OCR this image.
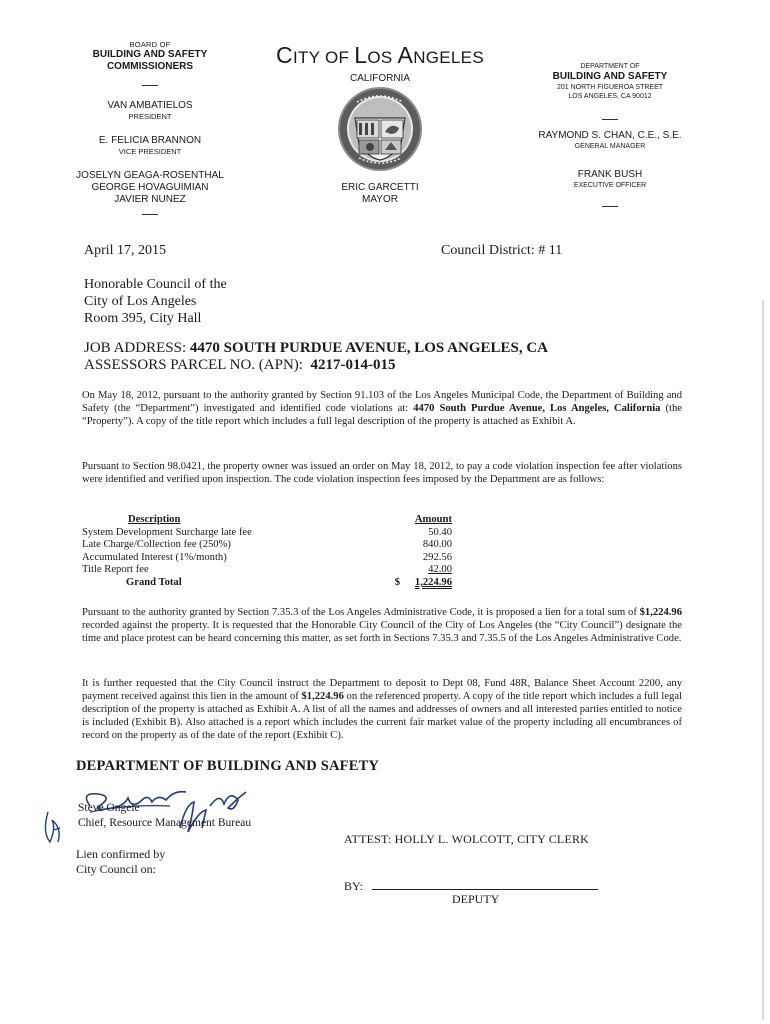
BOARD OF
BUILDING AND SAFETY
COMMISSIONERS
VAN AMBATIELOS
PRESIDENT
E. FELICIA BRANNON
VICE PRESIDENT
JOSELYN GEAGA-ROSENTHAL
GEORGE HOVAGUIMIAN
JAVIER NUNEZ
CITY OF LOS ANGELES
CALIFORNIA
ERIC GARCETTI
MAYOR
DEPARTMENT OF
BUILDING AND SAFETY
201 NORTH FIGUEROA STREET
LOS ANGELES, CA 90012
RAYMOND S. CHAN, C.E., S.E.
GENERAL MANAGER
FRANK BUSH
EXECUTIVE OFFICER
April 17, 2015	Council District: # 11
Honorable Council of the
City of Los Angeles
Room 395, City Hall
JOB ADDRESS: 4470 SOUTH PURDUE AVENUE, LOS ANGELES, CA
ASSESSORS PARCEL NO. (APN): 4217-014-015
On May 18, 2012, pursuant to the authority granted by Section 91.103 of the Los Angeles Municipal Code, the Department of Building and Safety (the “Department”) investigated and identified code violations at: 4470 South Purdue Avenue, Los Angeles, California (the “Property”). A copy of the title report which includes a full legal description of the property is attached as Exhibit A.
Pursuant to Section 98.0421, the property owner was issued an order on May 18, 2012, to pay a code violation inspection fee after violations were identified and verified upon inspection. The code violation inspection fees imposed by the Department are as follows:
Description	Amount
System Development Surcharge late fee	50.40
Late Charge/Collection fee (250%)	840.00
Accumulated Interest (1%/month)	292.56
Title Report fee	42.00
Grand Total	$ 1,224.96
Pursuant to the authority granted by Section 7.35.3 of the Los Angeles Administrative Code, it is proposed a lien for a total sum of $1,224.96 recorded against the property. It is requested that the Honorable City Council of the City of Los Angeles (the “City Council”) designate the time and place protest can be heard concerning this matter, as set forth in Sections 7.35.3 and 7.35.5 of the Los Angeles Administrative Code.
It is further requested that the City Council instruct the Department to deposit to Dept 08, Fund 48R, Balance Sheet Account 2200, any payment received against this lien in the amount of $1,224.96 on the referenced property. A copy of the title report which includes a full legal description of the property is attached as Exhibit A. A list of all the names and addresses of owners and all interested parties entitled to notice is included (Exhibit B). Also attached is a report which includes the current fair market value of the property including all encumbrances of record on the property as of the date of the report (Exhibit C).
DEPARTMENT OF BUILDING AND SAFETY
Steve Ongele
Chief, Resource Management Bureau
ATTEST: HOLLY L. WOLCOTT, CITY CLERK
Lien confirmed by
City Council on:
BY:
DEPUTY
